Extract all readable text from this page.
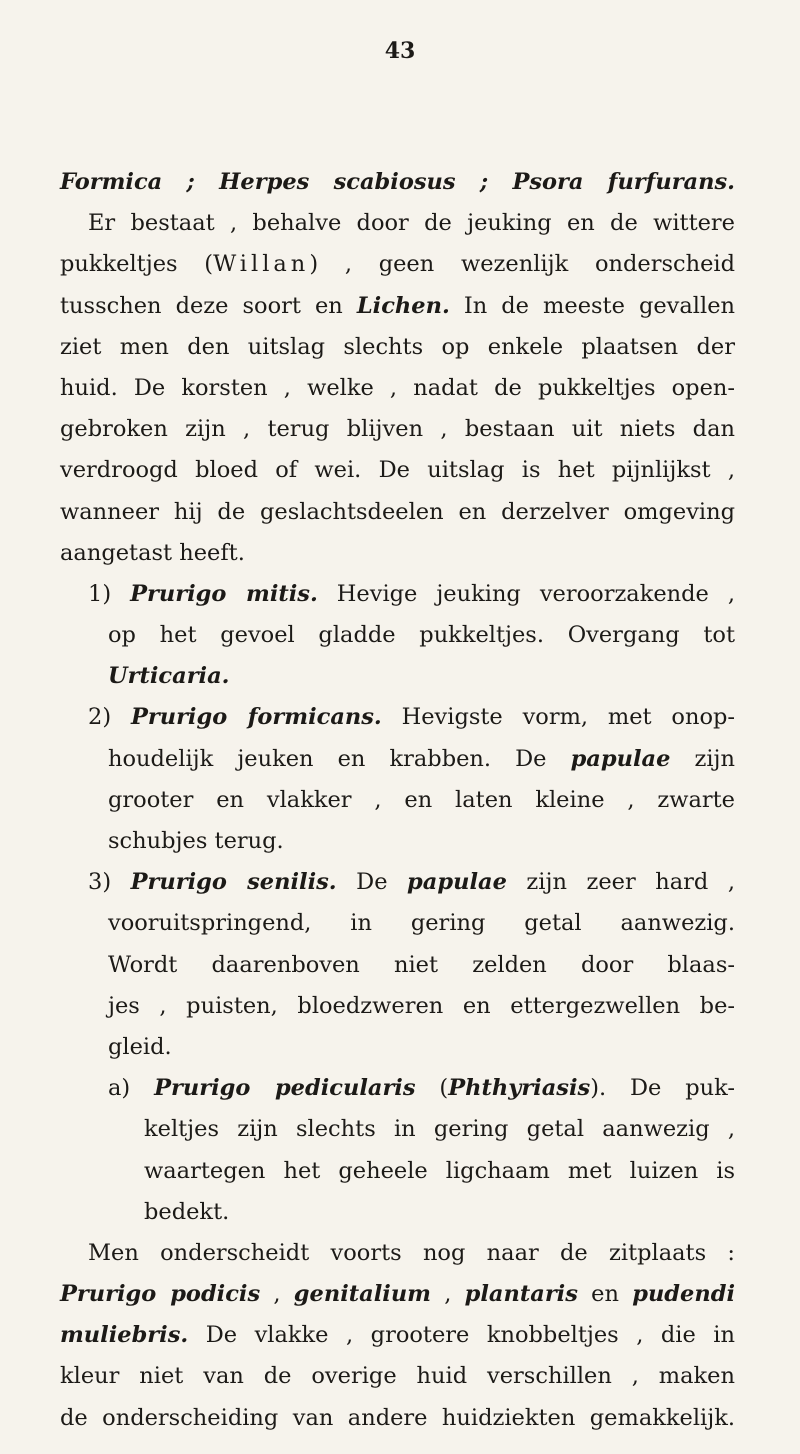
43
Formica ; Herpes scabiosus ; Psora furfurans.
Er bestaat , behalve door de jeuking en de wittere
pukkeltjes (Willan) , geen wezenlijk onderscheid
tusschen deze soort en Lichen. In de meeste gevallen
ziet men den uitslag slechts op enkele plaatsen der
huid. De korsten , welke , nadat de pukkeltjes open-
gebroken zijn , terug blijven , bestaan uit niets dan
verdroogd bloed of wei. De uitslag is het pijnlijkst ,
wanneer hij de geslachtsdeelen en derzelver omgeving
aangetast heeft.
1) Prurigo mitis. Hevige jeuking veroorzakende ,
op het gevoel gladde pukkeltjes. Overgang tot
Urticaria.
2) Prurigo formicans. Hevigste vorm, met onop-
houdelijk jeuken en krabben. De papulae zijn
grooter en vlakker , en laten kleine , zwarte
schubjes terug.
3) Prurigo senilis. De papulae zijn zeer hard ,
vooruitspringend, in gering getal aanwezig.
Wordt daarenboven niet zelden door blaas-
jes , puisten, bloedzweren en ettergezwellen be-
gleid.
a) Prurigo pedicularis (Phthyriasis). De puk-
keltjes zijn slechts in gering getal aanwezig ,
waartegen het geheele ligchaam met luizen is
bedekt.
Men onderscheidt voorts nog naar de zitplaats :
Prurigo podicis , genitalium , plantaris en pudendi
muliebris. De vlakke , grootere knobbeltjes , die in
kleur niet van de overige huid verschillen , maken
de onderscheiding van andere huidziekten gemakkelijk.
